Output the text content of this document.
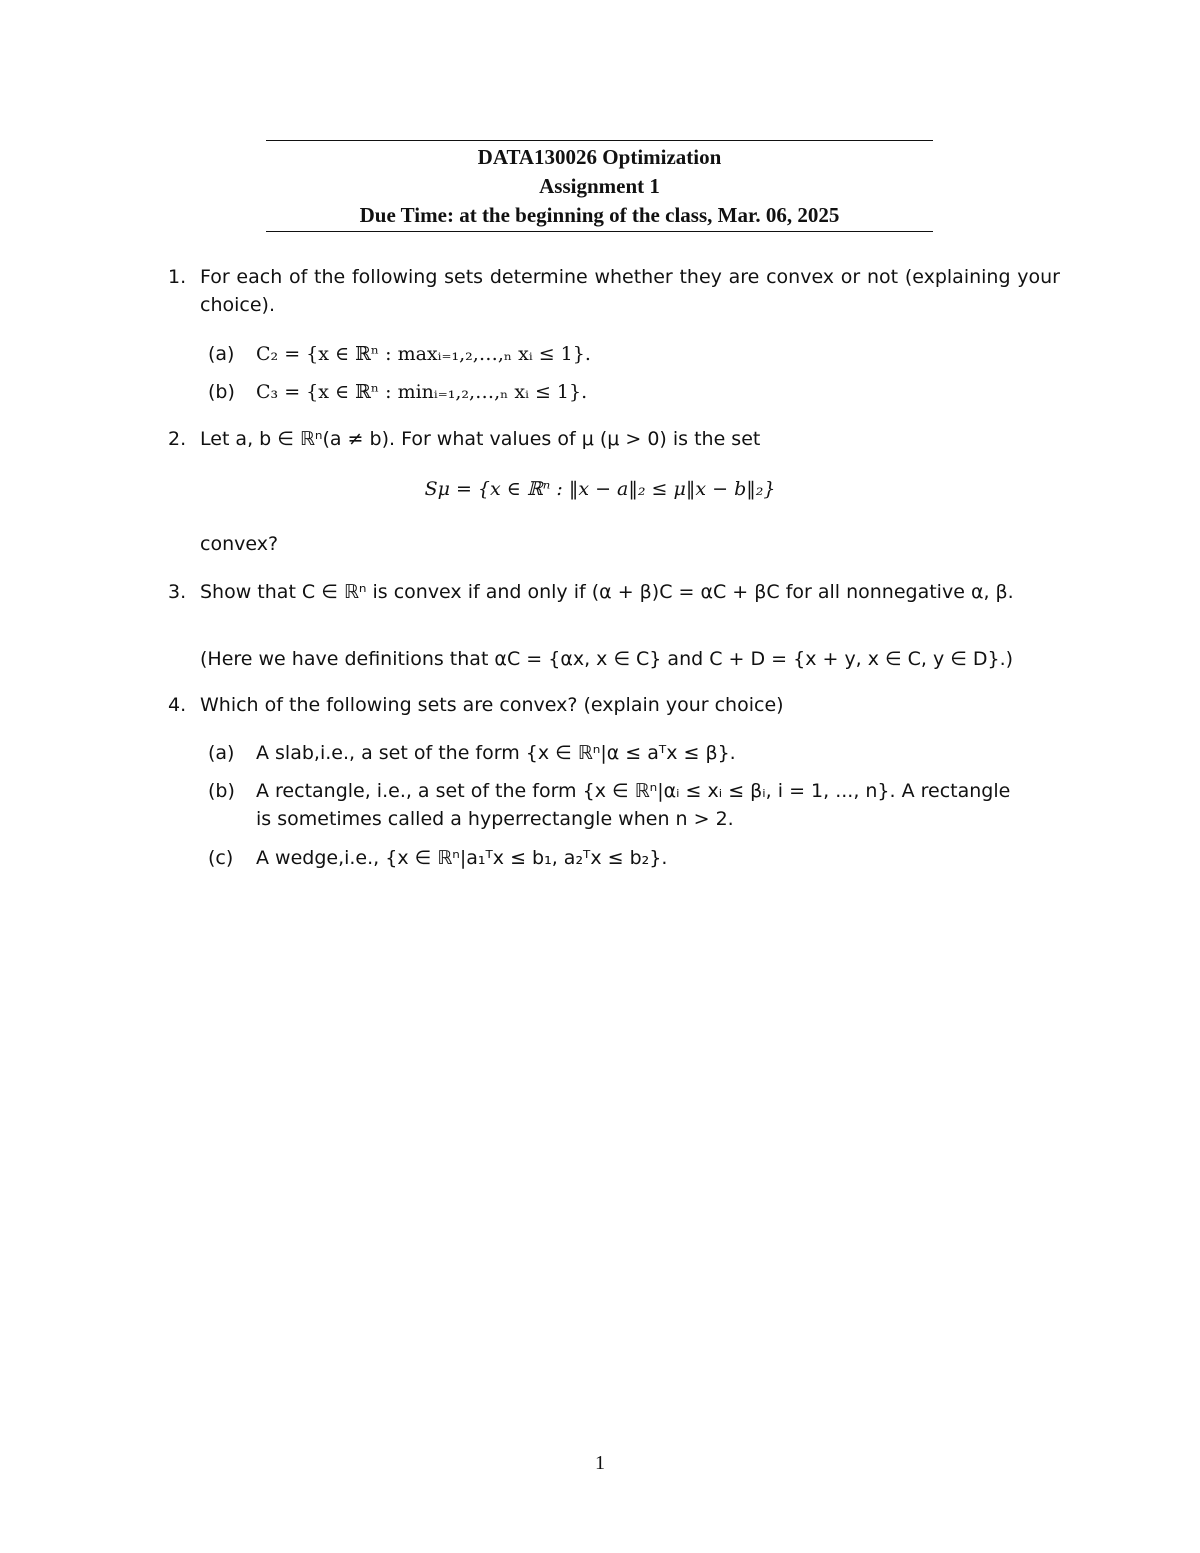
DATA130026 Optimization
Assignment 1
Due Time: at the beginning of the class, Mar. 06, 2025
1. For each of the following sets determine whether they are convex or not (explaining your choice).
(a) C₂ = {x ∈ ℝⁿ : maxᵢ₌₁,₂,…,ₙ xᵢ ≤ 1}.
(b) C₃ = {x ∈ ℝⁿ : minᵢ₌₁,₂,…,ₙ xᵢ ≤ 1}.
2. Let a, b ∈ ℝⁿ(a ≠ b). For what values of μ (μ > 0) is the set
Sμ = {x ∈ ℝⁿ : ‖x − a‖₂ ≤ μ‖x − b‖₂}
convex?
3. Show that C ∈ ℝⁿ is convex if and only if (α + β)C = αC + βC for all nonnegative α, β.
(Here we have definitions that αC = {αx, x ∈ C} and C + D = {x + y, x ∈ C, y ∈ D}.)
4. Which of the following sets are convex? (explain your choice)
(a) A slab,i.e., a set of the form {x ∈ ℝⁿ|α ≤ aᵀx ≤ β}.
(b) A rectangle, i.e., a set of the form {x ∈ ℝⁿ|αᵢ ≤ xᵢ ≤ βᵢ, i = 1, ..., n}. A rectangle
is sometimes called a hyperrectangle when n > 2.
(c) A wedge,i.e., {x ∈ ℝⁿ|a₁ᵀx ≤ b₁, a₂ᵀx ≤ b₂}.
1
